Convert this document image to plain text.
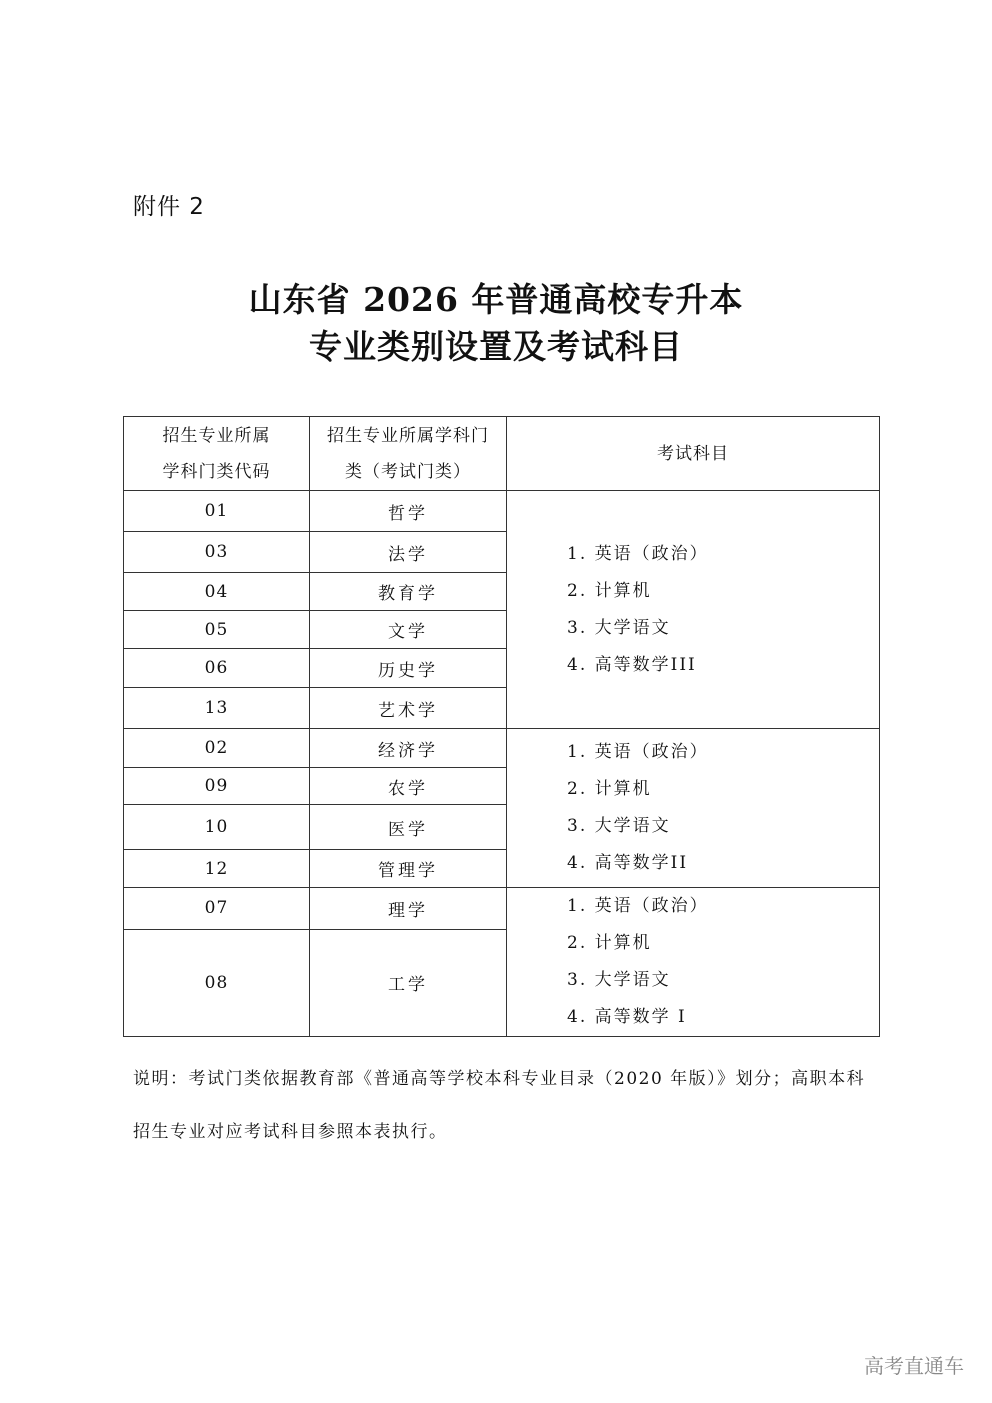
附件 2
山东省 2026 年普通高校专升本
专业类别设置及考试科目
招生专业所属
学科门类代码

招生专业所属学科门
类（考试门类）

考试科目

01	哲学	1. 英语（政治）
2. 计算机
3. 大学语文
4. 高等数学III

03	法学	
04	教育学	
05	文学	
06	历史学	
13	艺术学	
02	经济学	1. 英语（政治）
2. 计算机
3. 大学语文
4. 高等数学II

09	农学	
10	医学	
12	管理学	
07	理学	1. 英语（政治）
2. 计算机
3. 大学语文
4. 高等数学 I

08	工学	
说明：考试门类依据教育部《普通高等学校本科专业目录（2020 年版）》划分；高职本科招生专业对应考试科目参照本表执行。
高考直通车
